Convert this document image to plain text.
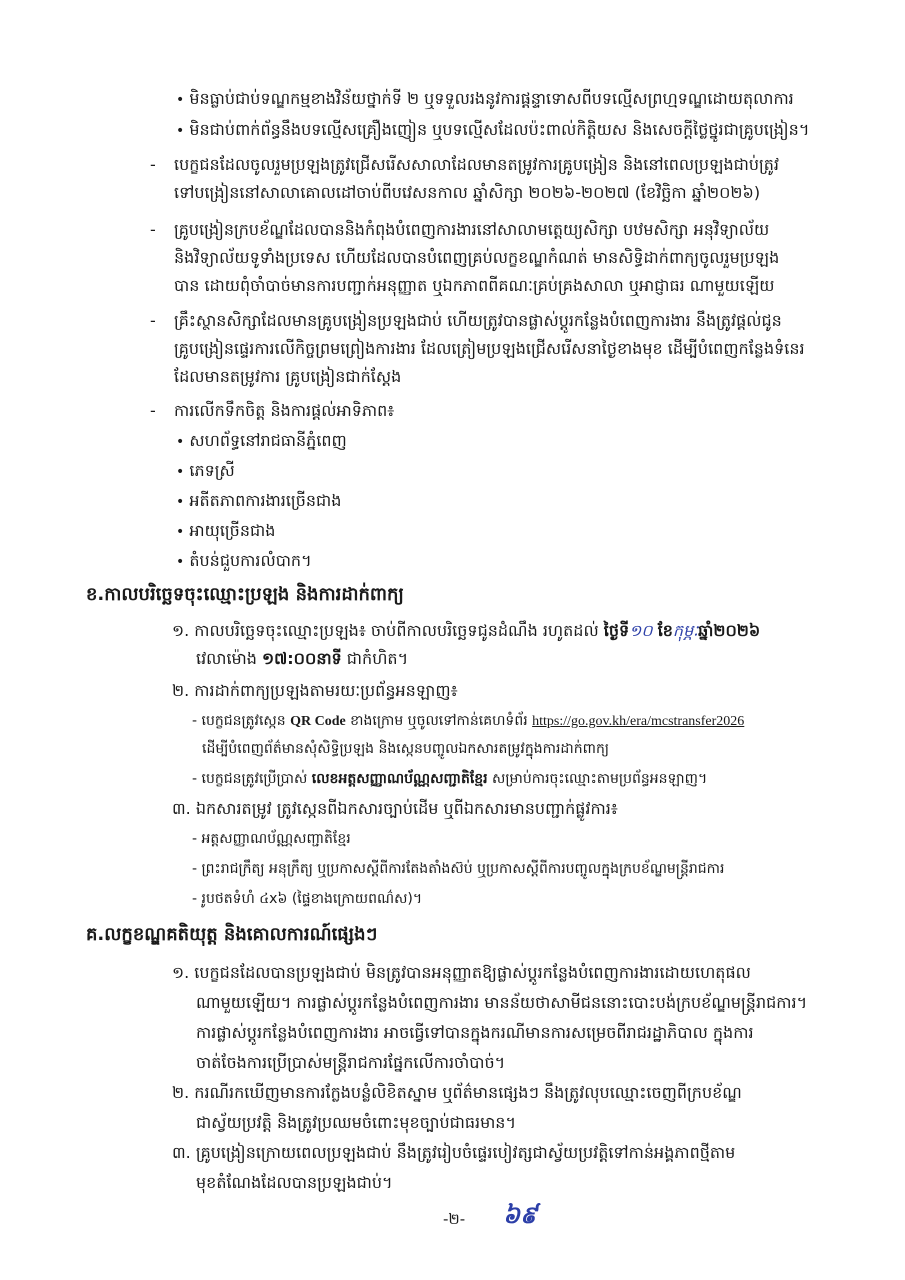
• មិនធ្លាប់ជាប់ទណ្ឌកម្មខាងវិន័យថ្នាក់ទី ២ ឬទទួលរងនូវការផ្តន្ទាទោសពីបទល្មើសព្រហ្មទណ្ឌដោយតុលាការ
• មិនជាប់ពាក់ព័ន្ធនឹងបទល្មើសគ្រឿងញៀន ឬបទល្មើសដែលប៉ះពាល់កិត្តិយស និងសេចក្តីថ្លៃថ្នូរជាគ្រូបង្រៀន។
- បេក្ខជនដែលចូលរួមប្រឡងត្រូវជ្រើសរើសសាលាដែលមានតម្រូវការគ្រូបង្រៀន និងនៅពេលប្រឡងជាប់ត្រូវ
ទៅបង្រៀននៅសាលាគោលដៅចាប់ពីបវេសនកាល ឆ្នាំសិក្សា ២០២៦-២០២៧ (ខែវិច្ឆិកា ឆ្នាំ២០២៦)
- គ្រូបង្រៀនក្របខ័ណ្ឌដែលបាននិងកំពុងបំពេញការងារនៅសាលាមត្តេយ្យសិក្សា បឋមសិក្សា អនុវិទ្យាល័យ
និងវិទ្យាល័យទូទាំងប្រទេស ហើយដែលបានបំពេញគ្រប់លក្ខខណ្ឌកំណត់ មានសិទ្ធិដាក់ពាក្យចូលរួមប្រឡង
បាន ដោយពុំចាំបាច់មានការបញ្ជាក់អនុញ្ញាត ឬឯកភាពពីគណៈគ្រប់គ្រងសាលា ឬអាជ្ញាធរ ណាមួយឡើយ
- គ្រឹះស្ថានសិក្សាដែលមានគ្រូបង្រៀនប្រឡងជាប់ ហើយត្រូវបានផ្លាស់ប្តូរកន្លែងបំពេញការងារ នឹងត្រូវផ្តល់ជូន
គ្រូបង្រៀនផ្ទេរការលើកិច្ចព្រមព្រៀងការងារ ដែលត្រៀមប្រឡងជ្រើសរើសនាថ្ងៃខាងមុខ ដើម្បីបំពេញកន្លែងទំនេរ
ដែលមានតម្រូវការ គ្រូបង្រៀនជាក់ស្តែង
- ការលើកទឹកចិត្ត និងការផ្តល់អាទិភាព៖
• សហព័ទ្ធនៅរាជធានីភ្នំពេញ
• ភេទស្រី
• អតីតភាពការងារច្រើនជាង
• អាយុច្រើនជាង
• តំបន់ជួបការលំបាក។
ខ.កាលបរិច្ឆេទចុះឈ្មោះប្រឡង និងការដាក់ពាក្យ
១. កាលបរិច្ឆេទចុះឈ្មោះប្រឡង៖ ចាប់ពីកាលបរិច្ឆេទជូនដំណឹង រហូតដល់ ថ្ងៃទី១០ ខែកុម្ភៈឆ្នាំ២០២៦
វេលាម៉ោង ១៧:០០នាទី ជាកំហិត។
២. ការដាក់ពាក្យប្រឡងតាមរយៈប្រព័ន្ធអនឡាញ៖
- បេក្ខជនត្រូវស្កេន QR Code ខាងក្រោម ឬចូលទៅកាន់គេហទំព័រ https://go.gov.kh/era/mcstransfer2026
ដើម្បីបំពេញព័ត៌មានសុំសិទ្ធិប្រឡង និងស្កេនបញ្ចូលឯកសារតម្រូវក្នុងការដាក់ពាក្យ
- បេក្ខជនត្រូវប្រើប្រាស់ លេខអត្តសញ្ញាណប័ណ្ណសញ្ជាតិខ្មែរ សម្រាប់ការចុះឈ្មោះតាមប្រព័ន្ធអនឡាញ។
៣. ឯកសារតម្រូវ ត្រូវស្កេនពីឯកសារច្បាប់ដើម ឬពីឯកសារមានបញ្ជាក់ផ្លូវការ៖
- អត្តសញ្ញាណប័ណ្ណសញ្ជាតិខ្មែរ
- ព្រះរាជក្រឹត្យ អនុក្រឹត្យ ឬប្រកាសស្តីពីការតែងតាំងស៊ប់ ឬប្រកាសស្តីពីការបញ្ចូលក្នុងក្របខ័ណ្ឌមន្ត្រីរាជការ
- រូបថតទំហំ ៤x៦ (ផ្ទៃខាងក្រោយពណ៌ស)។
គ.លក្ខខណ្ឌគតិយុត្ត និងគោលការណ៍ផ្សេងៗ
១. បេក្ខជនដែលបានប្រឡងជាប់ មិនត្រូវបានអនុញ្ញាតឱ្យផ្លាស់ប្តូរកន្លែងបំពេញការងារដោយហេតុផល
ណាមួយឡើយ។ ការផ្លាស់ប្តូរកន្លែងបំពេញការងារ មានន័យថាសាមីជននោះបោះបង់ក្របខ័ណ្ឌមន្ត្រីរាជការ។
ការផ្លាស់ប្តូរកន្លែងបំពេញការងារ អាចធ្វើទៅបានក្នុងករណីមានការសម្រេចពីរាជរដ្ឋាភិបាល ក្នុងការ
ចាត់ចែងការប្រើប្រាស់មន្ត្រីរាជការផ្នែកលើការចាំបាច់។
២. ករណីរកឃើញមានការក្លែងបន្លំលិខិតស្នាម ឬព័ត៌មានផ្សេងៗ នឹងត្រូវលុបឈ្មោះចេញពីក្របខ័ណ្ឌ
ជាស្វ័យប្រវត្តិ និងត្រូវប្រឈមចំពោះមុខច្បាប់ជាធរមាន។
៣. គ្រូបង្រៀនក្រោយពេលប្រឡងជាប់ នឹងត្រូវរៀបចំផ្ទេរបៀវត្សជាស្វ័យប្រវត្តិទៅកាន់អង្គភាពថ្មីតាម
មុខតំណែងដែលបានប្រឡងជាប់។
-២- ៦៩
